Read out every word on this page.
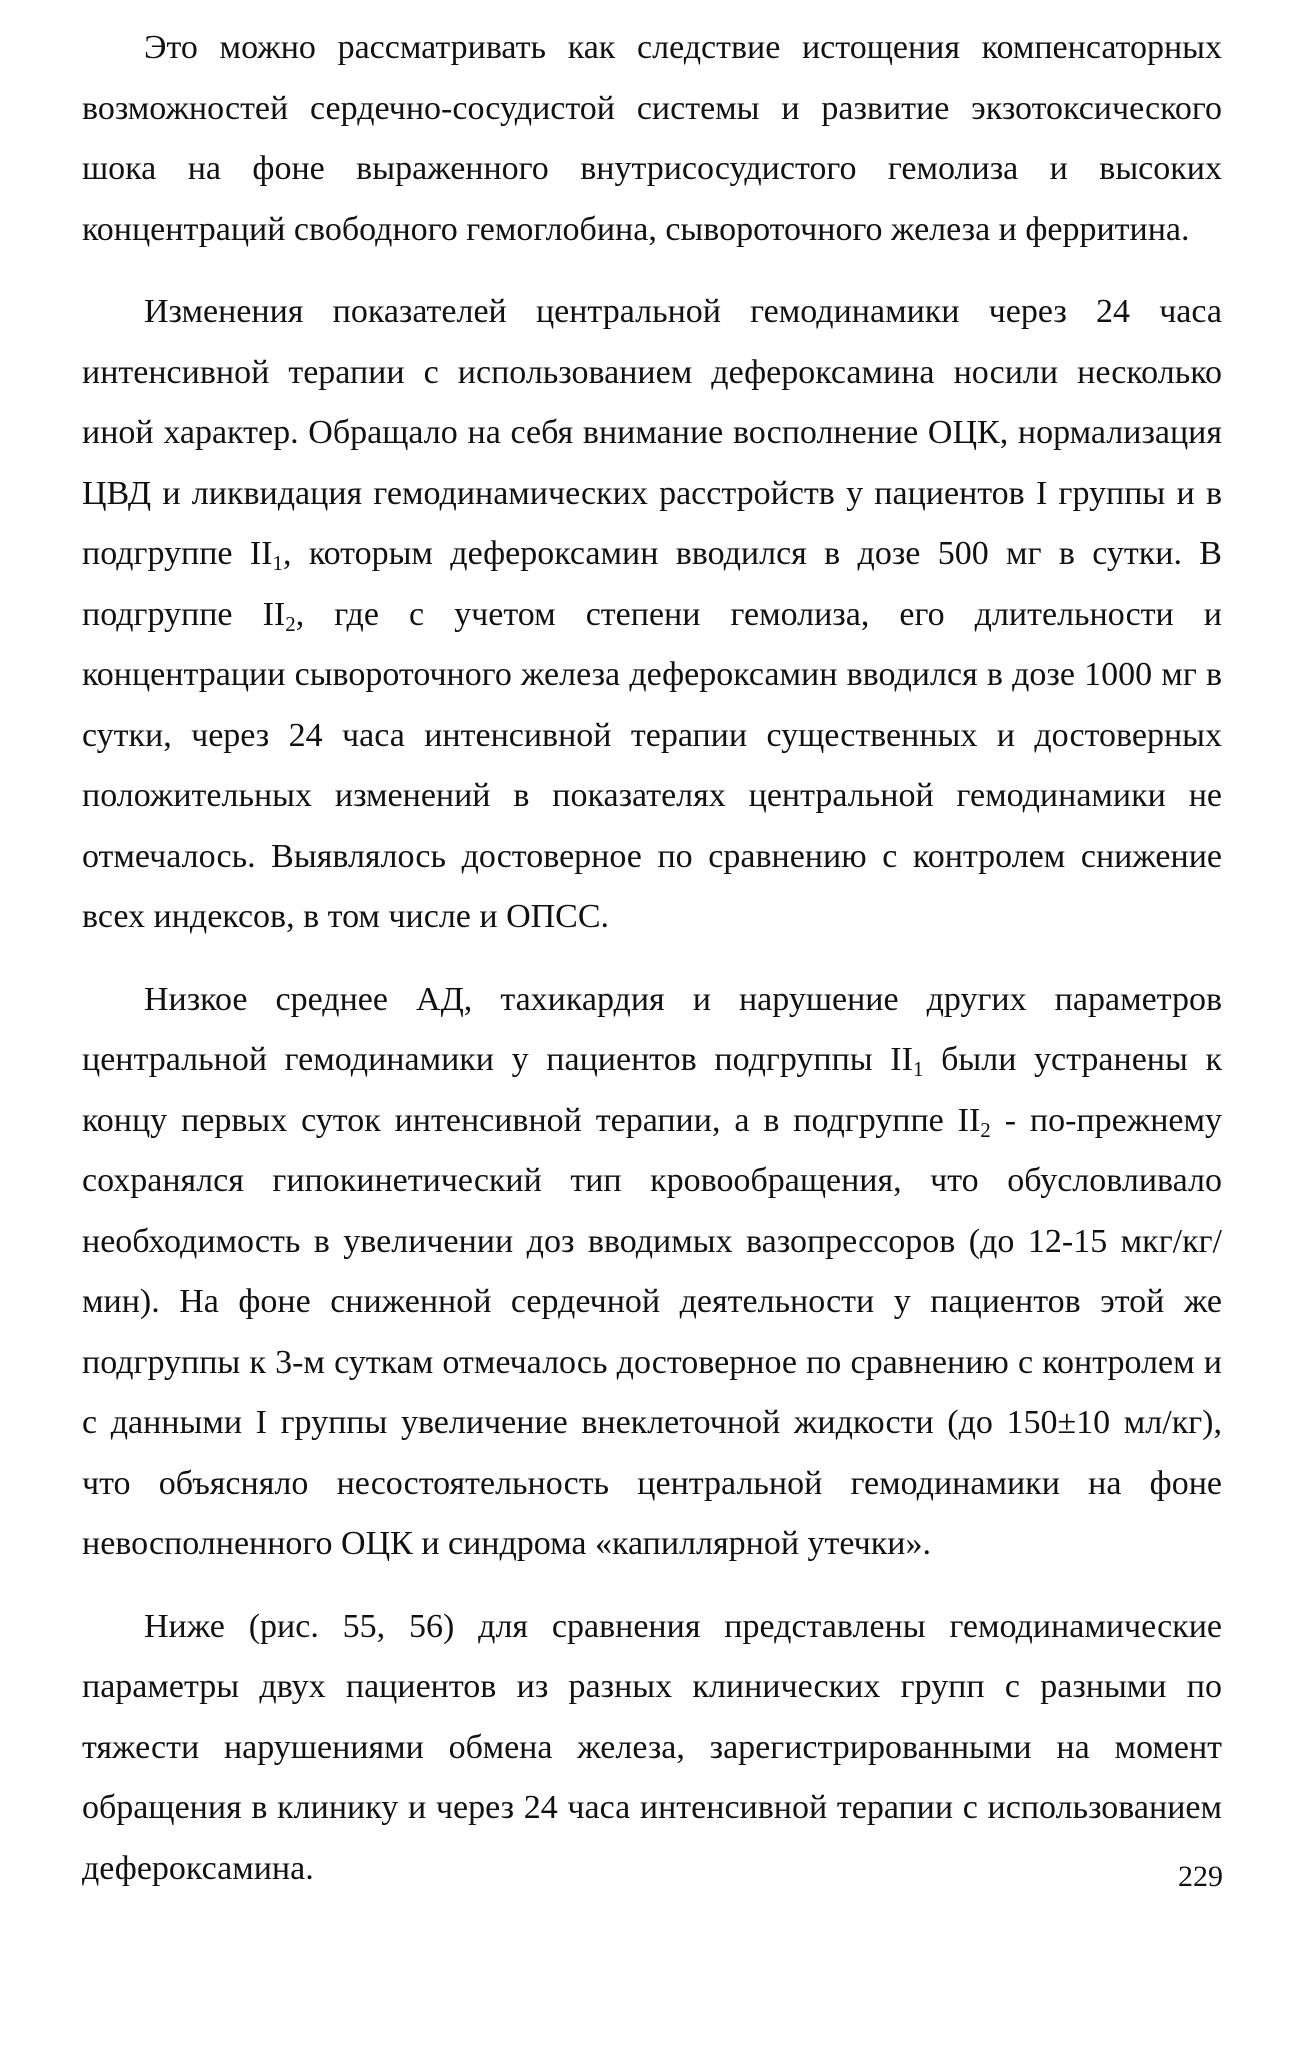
Это можно рассматривать как следствие истощения компенсаторных возможностей сердечно-сосудистой системы и развитие экзотоксического шока на фоне выраженного внутрисосудистого гемолиза и высоких концентраций свободного гемоглобина, сывороточного железа и ферритина.

Изменения показателей центральной гемодинамики через 24 часа интенсивной терапии с использованием дефероксамина носили несколько иной характер. Обращало на себя внимание восполнение ОЦК, нормализация ЦВД и ликвидация гемодинамических расстройств у пациентов I группы и в подгруппе $II_1$, которым дефероксамин вводился в дозе 500 мг в сутки. В подгруппе $II_2$, где с учетом степени гемолиза, его длительности и концентрации сывороточного железа дефероксамин вводился в дозе 1000 мг в сутки, через 24 часа интенсивной терапии существенных и достоверных положительных изменений в показателях центральной гемодинамики не отмечалось. Выявлялось достоверное по сравнению с контролем снижение всех индексов, в том числе и ОПСС.

Низкое среднее АД, тахикардия и нарушение других параметров центральной гемодинамики у пациентов подгруппы $II_1$ были устранены к концу первых суток интенсивной терапии, а в подгруппе $II_2$ - по-прежнему сохранялся гипокинетический тип кровообращения, что обусловливало необходимость в увеличении доз вводимых вазопрессоров (до 12-15 мкг/кг/мин). На фоне сниженной сердечной деятельности у пациентов этой же подгруппы к 3-м суткам отмечалось достоверное по сравнению с контролем и с данными I группы увеличение внеклеточной жидкости (до 150±10 мл/кг), что объясняло несостоятельность центральной гемодинамики на фоне невосполненного ОЦК и синдрома «капиллярной утечки».

Ниже (рис. 55, 56) для сравнения представлены гемодинамические параметры двух пациентов из разных клинических групп с разными по тяжести нарушениями обмена железа, зарегистрированными на момент обращения в клинику и через 24 часа интенсивной терапии с использованием дефероксамина.	229
